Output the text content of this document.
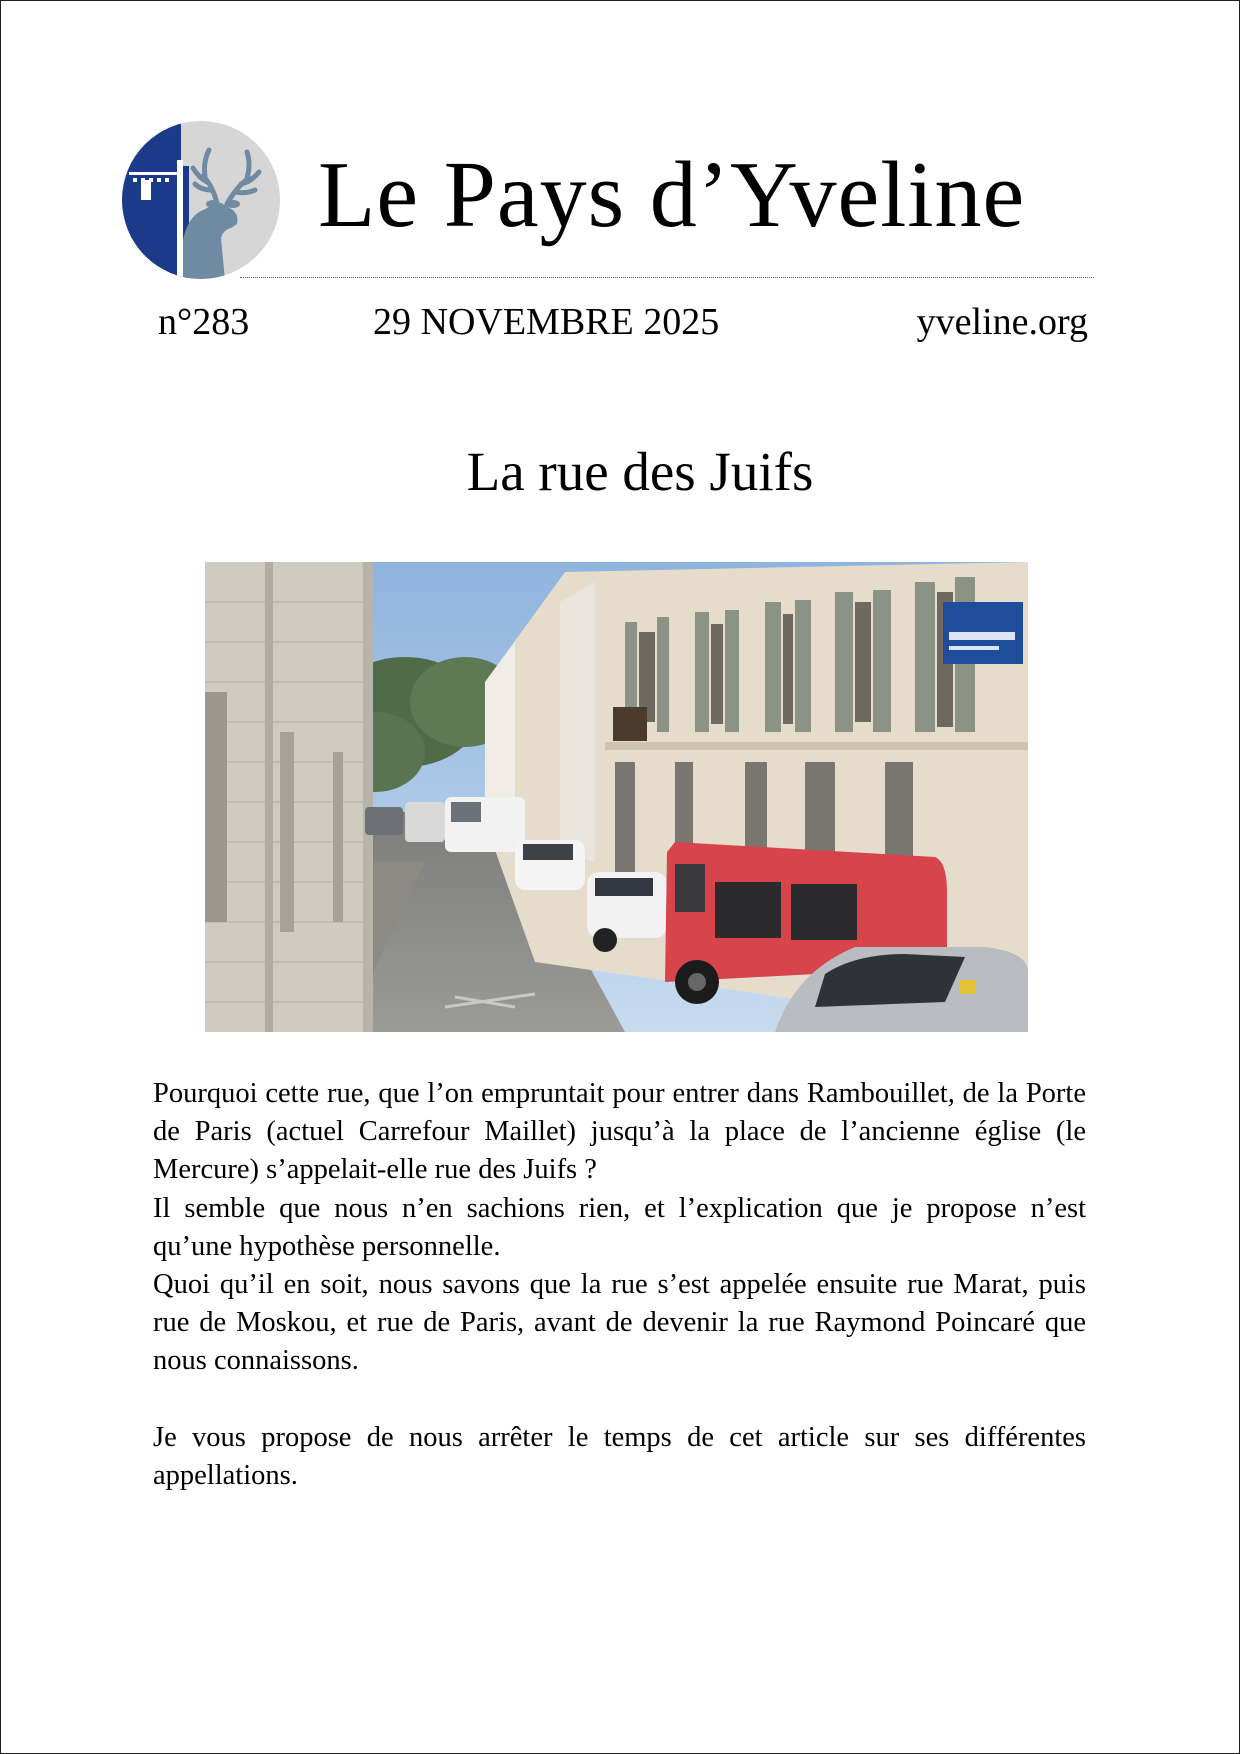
Le Pays d’Yveline
n°283	29 NOVEMBRE 2025	yveline.org
La rue des Juifs

Pourquoi cette rue, que l’on empruntait pour entrer dans Rambouillet, de la Porte de Paris (actuel Carrefour Maillet) jusqu’à la place de l’ancienne église (le Mercure) s’appelait-elle rue des Juifs ?

Il semble que nous n’en sachions rien, et l’explication que je propose n’est qu’une hypothèse personnelle.

Quoi qu’il en soit, nous savons que la rue s’est appelée ensuite rue Marat, puis rue de Moskou, et rue de Paris, avant de devenir la rue Raymond Poincaré que nous connaissons.

Je vous propose de nous arrêter le temps de cet article sur ses différentes appellations.
